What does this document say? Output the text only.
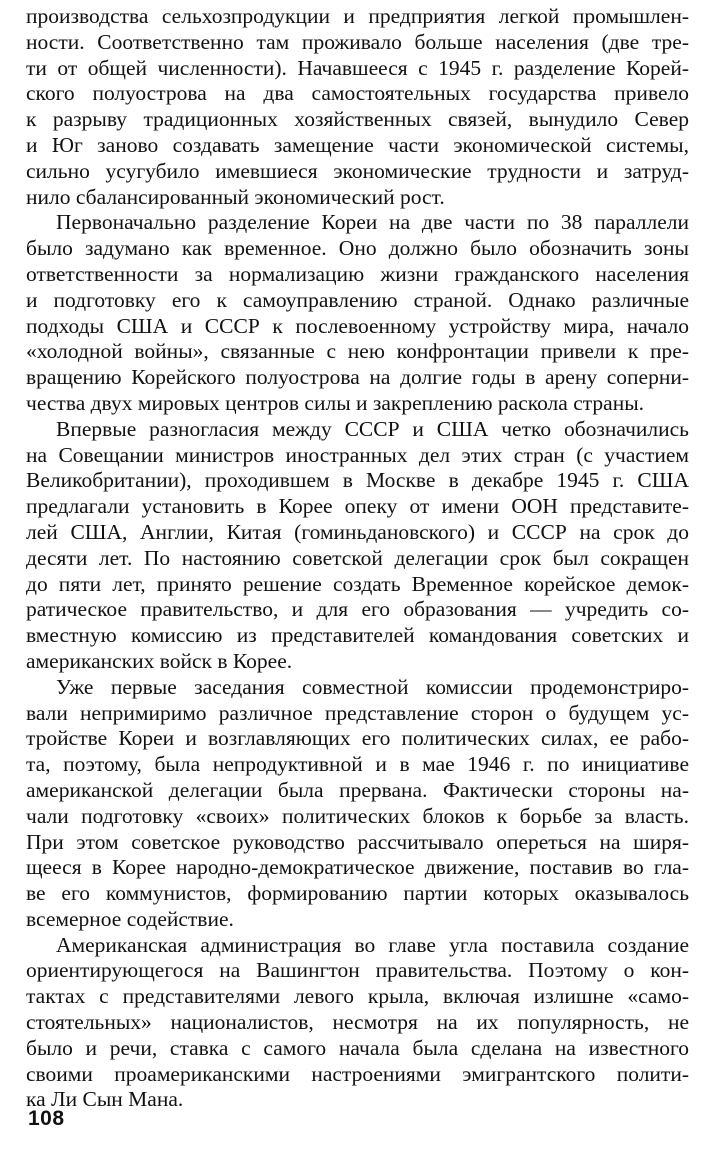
производства сельхозпродукции и предприятия легкой промышлен-
ности. Соответственно там проживало больше населения (две тре-
ти от общей численности). Начавшееся с 1945 г. разделение Корей-
ского полуострова на два самостоятельных государства привело
к разрыву традиционных хозяйственных связей, вынудило Север
и Юг заново создавать замещение части экономической системы,
сильно усугубило имевшиеся экономические трудности и затруд-
нило сбалансированный экономический рост.
Первоначально разделение Кореи на две части по 38 параллели
было задумано как временное. Оно должно было обозначить зоны
ответственности за нормализацию жизни гражданского населения
и подготовку его к самоуправлению страной. Однако различные
подходы США и СССР к послевоенному устройству мира, начало
«холодной войны», связанные с нею конфронтации привели к пре-
вращению Корейского полуострова на долгие годы в арену соперни-
чества двух мировых центров силы и закреплению раскола страны.
Впервые разногласия между СССР и США четко обозначились
на Совещании министров иностранных дел этих стран (с участием
Великобритании), проходившем в Москве в декабре 1945 г. США
предлагали установить в Корее опеку от имени ООН представите-
лей США, Англии, Китая (гоминьдановского) и СССР на срок до
десяти лет. По настоянию советской делегации срок был сокращен
до пяти лет, принято решение создать Временное корейское демок-
ратическое правительство, и для его образования — учредить со-
вместную комиссию из представителей командования советских и
американских войск в Корее.
Уже первые заседания совместной комиссии продемонстриро-
вали непримиримо различное представление сторон о будущем ус-
тройстве Кореи и возглавляющих его политических силах, ее рабо-
та, поэтому, была непродуктивной и в мае 1946 г. по инициативе
американской делегации была прервана. Фактически стороны на-
чали подготовку «своих» политических блоков к борьбе за власть.
При этом советское руководство рассчитывало опереться на ширя-
щееся в Корее народно-демократическое движение, поставив во гла-
ве его коммунистов, формированию партии которых оказывалось
всемерное содействие.
Американская администрация во главе угла поставила создание
ориентирующегося на Вашингтон правительства. Поэтому о кон-
тактах с представителями левого крыла, включая излишне «само-
стоятельных» националистов, несмотря на их популярность, не
было и речи, ставка с самого начала была сделана на известного
своими проамериканскими настроениями эмигрантского полити-
ка Ли Сын Мана.
108
